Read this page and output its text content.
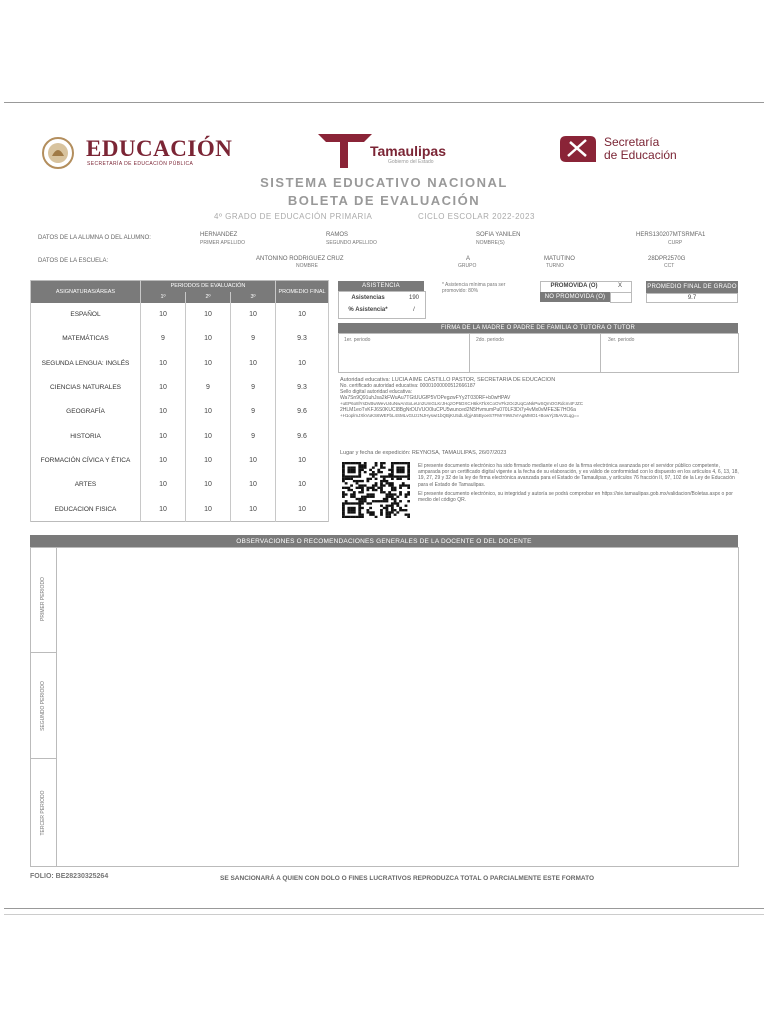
EDUCACIÓN
SECRETARÍA DE EDUCACIÓN PÚBLICA
Tamaulipas
Gobierno del Estado
Secretaría
de Educación
SISTEMA EDUCATIVO NACIONAL
BOLETA DE EVALUACIÓN
4º GRADO DE EDUCACIÓN PRIMARIA	CICLO ESCOLAR 2022-2023
DATOS DE LA ALUMNA O DEL ALUMNO:	HERNANDEZ
PRIMER APELLIDO
RAMOS
SEGUNDO APELLIDO
SOFIA YANILEN
NOMBRE(S)
HERS130207MTSRMFA1
CURP
DATOS DE LA ESCUELA:	ANTONINO RODRIGUEZ CRUZ
NOMBRE
A
GRUPO
MATUTINO
TURNO
28DPR2570G
CCT
ASIGNATURAS/ÁREAS	PERIODOS DE EVALUACIÓN			PROMEDIO FINAL
	1º	2º	3º	
ESPAÑOL	10	10	10	10
MATEMÁTICAS	9	10	9	9.3
SEGUNDA LENGUA: INGLÉS	10	10	10	10
CIENCIAS NATURALES	10	9	9	9.3
GEOGRAFÍA	10	10	9	9.6
HISTORIA	10	10	9	9.6
FORMACIÓN CÍVICA Y ÉTICA	10	10	10	10
ARTES	10	10	10	10
EDUCACION FISICA	10	10	10	10
ASISTENCIA
Asistencias	190
% Asistencia*	/
* Asistencia mínima para ser promovido: 80%
PROMOVIDA (O)	X
NO PROMOVIDA (O)
PROMEDIO FINAL DE GRADO
9.7
FIRMA DE LA MADRE O PADRE DE FAMILIA O TUTORA O TUTOR
1er. periodo	2do. periodo	3er. periodo
Autoridad educativa: LUCIA AIMÉ CASTILLO PASTOR, SECRETARIA DE EDUCACION
No. certificado autoridad educativa: 00001000000512666187
Sello digital autoridad educativa:
Wa7Sn9Q91uhJsa2kFWuAu7TGtUUGfP5VOPegzwFYy2T030RF+b0wHPAV
+uEP6o8lYsDvBwWevU4uNwAnSxLeUn2UmGLKrJHqzOP5DXCH6kATkXCoOVFk2Oc2UqCaNkPwSQmOGRdcm4FJZC
2HLM1eoTvKFJ6S0KUCI8BgNrDUVUO0IuCPU5wunced2N5HvmumPu070LF3Di7y4vMx0vMFE3E7HO6a
+H1oplmJXkVuKS6WEFbL4SMLvGUzzNJHyswI1bQBjKU5dLsfgjA55ByoeS7FMrY9WJVrAgMMO1+BowYj35AV2Lqg==
Lugar y fecha de expedición: REYNOSA, TAMAULIPAS, 26/07/2023
El presente documento electrónico ha sido firmado mediante el uso de la firma electrónica avanzada por el servidor público competente, amparada por un certificado digital vigente a la fecha de su elaboración, y es válido de conformidad con lo dispuesto en los artículos 4, 6, 13, 18, 19, 27, 29 y 32 de la ley de firma electrónica avanzada para el Estado de Tamaulipas, y artículos 76 fracción II, 97, 102 de la Ley de Educación para el Estado de Tamaulipas.
El presente documento electrónico, su integridad y autoría se podrá comprobar en https://sie.tamaulipas.gob.mx/validacion/Boletas.aspx o por medio del código QR.
OBSERVACIONES O RECOMENDACIONES GENERALES DE LA DOCENTE O DEL DOCENTE
PRIMER PERIODO
SEGUNDO PERIODO
TERCER PERIODO
FOLIO: BE28230325264	SE SANCIONARÁ A QUIEN CON DOLO O FINES LUCRATIVOS REPRODUZCA TOTAL O PARCIALMENTE ESTE FORMATO
